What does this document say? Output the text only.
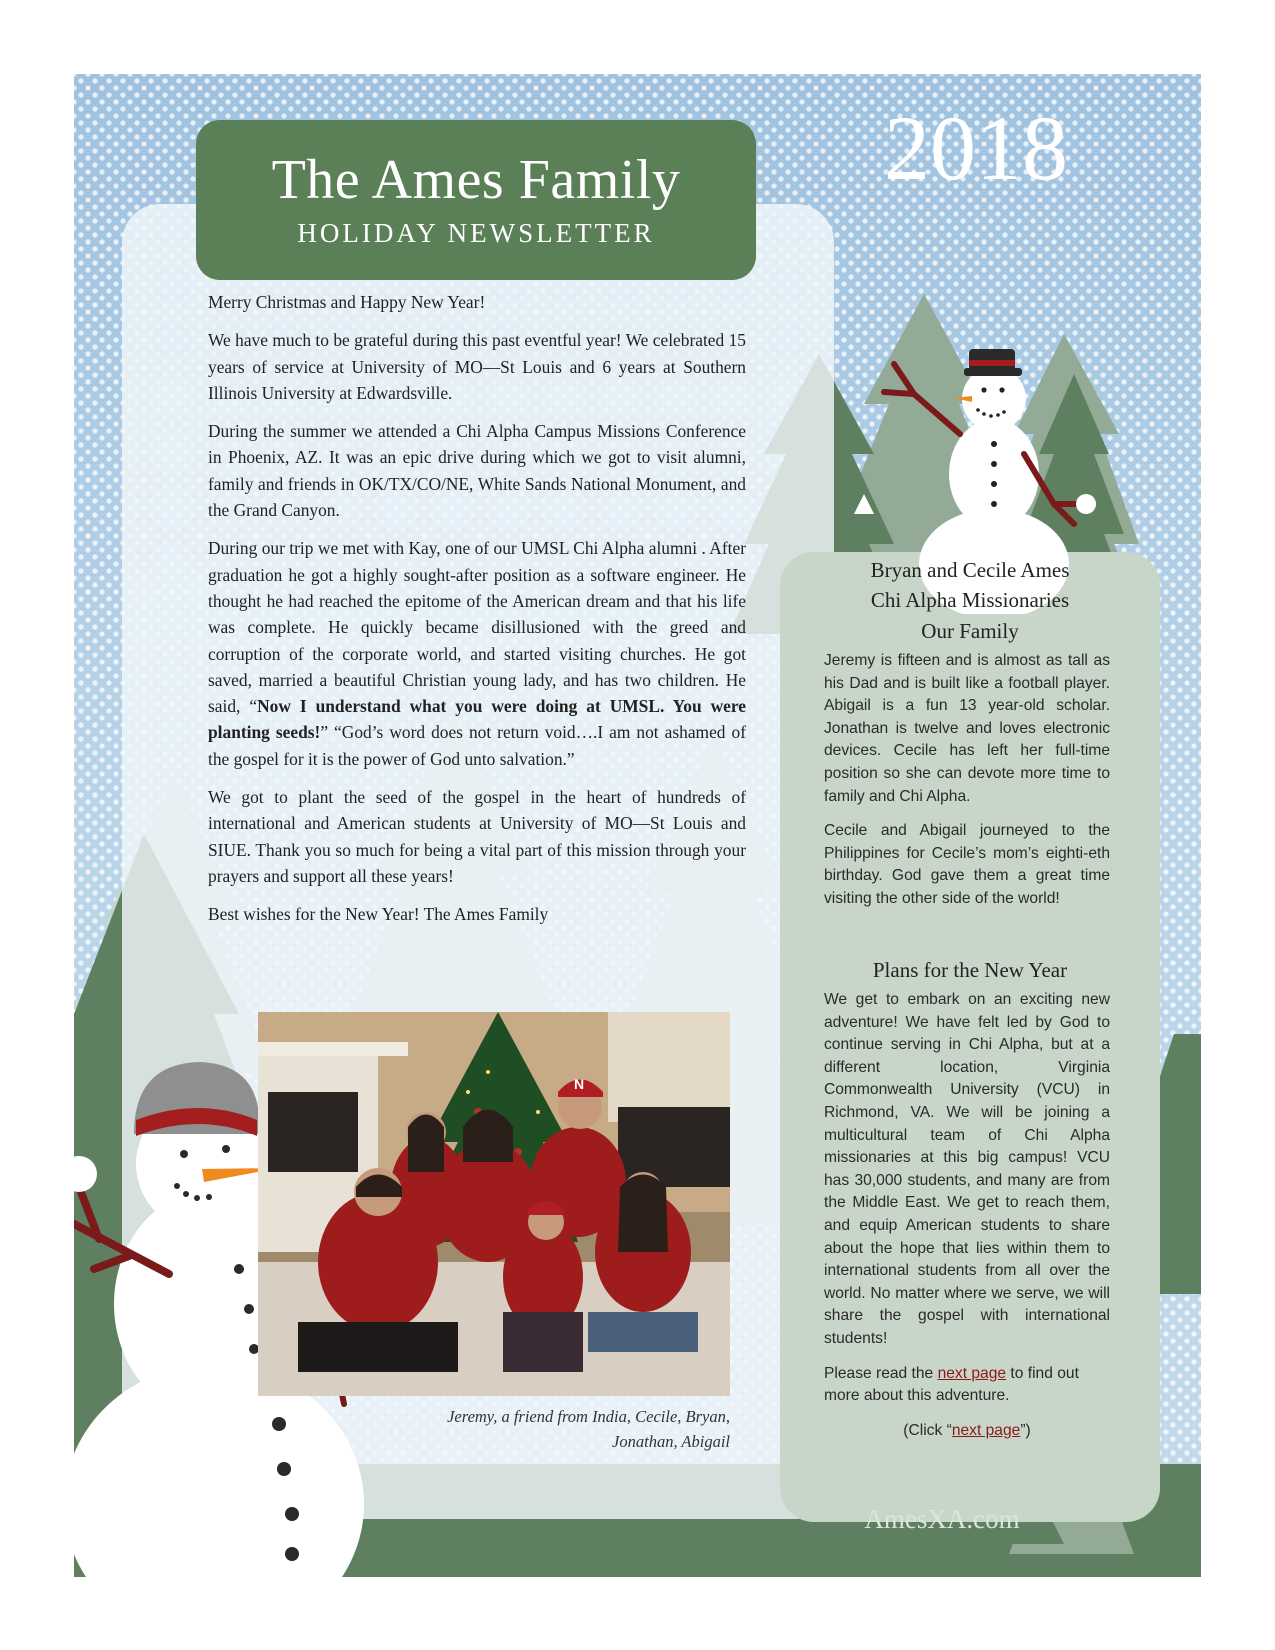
The Ames Family
HOLIDAY NEWSLETTER
2018

Merry Christmas and Happy New Year!

We have much to be grateful during this past eventful year! We celebrated 15 years of service at University of MO—St Louis and 6 years at Southern Illinois University at Edwardsville.

During the summer we attended a Chi Alpha Campus Missions Conference in Phoenix, AZ. It was an epic drive during which we got to visit alumni, family and friends in OK/TX/CO/NE, White Sands National Monument, and the Grand Canyon.

During our trip we met with Kay, one of our UMSL Chi Alpha alumni . After graduation he got a highly sought-after position as a software engineer. He thought he had reached the epitome of the American dream and that his life was complete. He quickly became disillusioned with the greed and corruption of the corporate world, and started visiting churches. He got saved, married a beautiful Christian young lady, and has two children. He said, “Now I understand what you were doing at UMSL. You were planting seeds!” “God’s word does not return void….I am not ashamed of the gospel for it is the power of God unto salvation.”

We got to plant the seed of the gospel in the heart of hundreds of international and American students at University of MO—St Louis and SIUE. Thank you so much for being a vital part of this mission through your prayers and support all these years!

Best wishes for the New Year! The Ames Family

N
Jeremy, a friend from India, Cecile, Bryan,
Jonathan, Abigail
Bryan and Cecile Ames
Chi Alpha Missionaries
Our Family

Jeremy is fifteen and is almost as tall as his Dad and is built like a football player. Abigail is a fun 13 year-old scholar. Jonathan is twelve and loves electronic devices. Cecile has left her full-time position so she can devote more time to family and Chi Alpha.

Cecile and Abigail journeyed to the Philippines for Cecile’s mom’s eighti-eth birthday. God gave them a great time visiting the other side of the world!

Plans for the New Year

We get to embark on an exciting new adventure! We have felt led by God to continue serving in Chi Alpha, but at a different location, Virginia Commonwealth University (VCU) in Richmond, VA. We will be joining a multicultural team of Chi Alpha missionaries at this big campus! VCU has 30,000 students, and many are from the Middle East. We get to reach them, and equip American students to share about the hope that lies within them to international students from all over the world. No matter where we serve, we will share the gospel with international students!

Please read the next page to find out more about this adventure.

(Click “next page”)

AmesXA.com
